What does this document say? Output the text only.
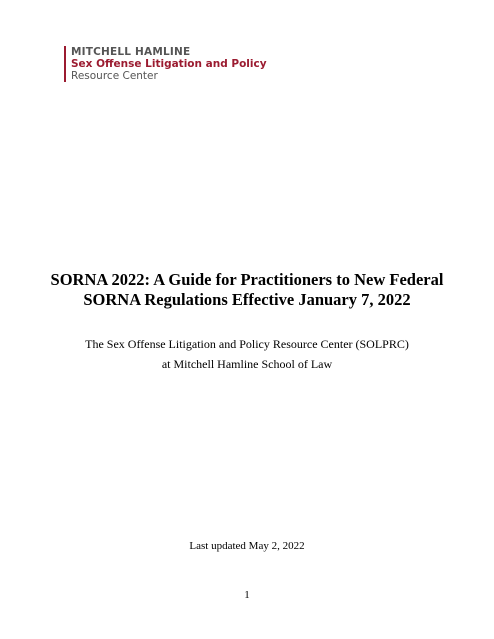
MITCHELL HAMLINE
Sex Offense Litigation and Policy
Resource Center
SORNA 2022: A Guide for Practitioners to New Federal
SORNA Regulations Effective January 7, 2022
The Sex Offense Litigation and Policy Resource Center (SOLPRC)
at Mitchell Hamline School of Law
Last updated May 2, 2022
1
